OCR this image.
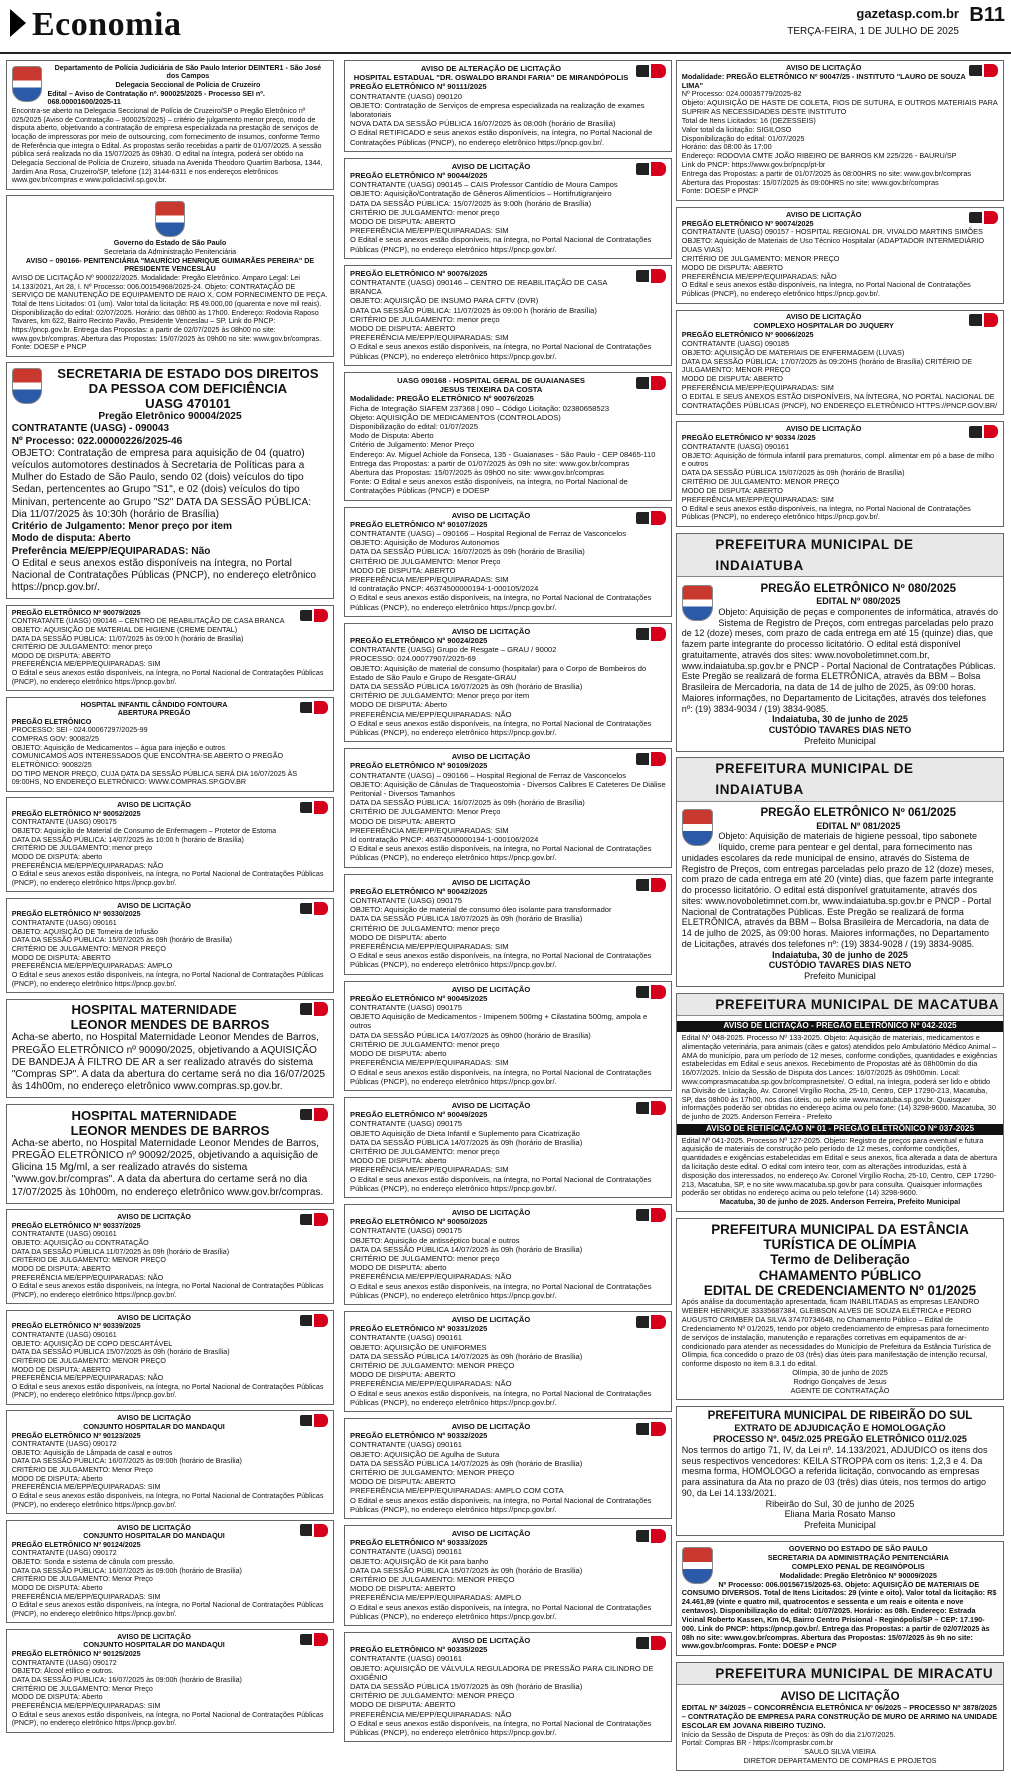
Economia	gazetasp.com.br
TERÇA-FEIRA, 1 DE JULHO DE 2025
B11
Departamento de Polícia Judiciária de São Paulo Interior DEINTER1 - São José dos Campos
Delegacia Seccional de Polícia de Cruzeiro
Edital – Aviso de Contratação nº. 900025/2025 - Processo SEI nº. 068.00001600/2025-11
Encontra-se aberto na Delegacia Seccional de Polícia de Cruzeiro/SP o Pregão Eletrônico nº 025/2025 (Aviso de Contratação – 900025/2025) – critério de julgamento menor preço, modo de disputa aberto, objetivando a contratação de empresa especializada na prestação de serviços de locação de impressoras por meio de outsourcing, com fornecimento de insumos, conforme Termo de Referência que integra o Edital. As propostas serão recebidas a partir de 01/07/2025. A sessão pública será realizada no dia 15/07/2025 às 09h30. O edital na íntegra, poderá ser obtido na Delegacia Seccional de Polícia de Cruzeiro, situada na Avenida Theodoro Quartim Barbosa, 1344, Jardim Ana Rosa, Cruzeiro/SP, telefone (12) 3144-6311 e nos endereços eletrônicos www.gov.br/compras e www.policiacivil.sp.gov.br.
Governo do Estado de São Paulo
Secretaria da Administração Penitenciária
AVISO – 090166- PENITENCIÁRIA "MAURÍCIO HENRIQUE GUIMARÃES PEREIRA" DE PRESIDENTE VENCESLAU
AVISO DE LICITAÇÃO Nº 900022/2025. Modalidade: Pregão Eletrônico. Amparo Legal: Lei 14.133/2021, Art 28, I. Nº Processo: 006.00154968/2025-24. Objeto: CONTRATAÇÃO DE SERVIÇO DE MANUTENÇÃO DE EQUIPAMENTO DE RAIO X, COM FORNECIMENTO DE PEÇA. Total de Itens Licitados: 01 (um). Valor total da licitação: R$ 49.000,00 (quarenta e nove mil reais). Disponibilização do edital: 02/07/2025. Horário: das 08h00 às 17h00. Endereço: Rodovia Raposo Tavares, km 622, Bairro Recinto Pavão, Presidente Venceslau – SP. Link do PNCP: https://pncp.gov.br. Entrega das Propostas: a partir de 02/07/2025 às 08h00 no site: www.gov.br/compras. Abertura das Propostas: 15/07/2025 às 09h00 no site: www.gov.br/compras. Fonte: DOESP e PNCP
SECRETARIA DE ESTADO DOS DIREITOS DA PESSOA COM DEFICIÊNCIA
UASG 470101
Pregão Eletrônico 90004/2025
CONTRATANTE (UASG) - 090043
Nº Processo: 022.00000226/2025-46
OBJETO: Contratação de empresa para aquisição de 04 (quatro) veículos automotores destinados à Secretaria de Políticas para a Mulher do Estado de São Paulo, sendo 02 (dois) veículos do tipo Sedan, pertencentes ao Grupo "S1", e 02 (dois) veículos do tipo Minivan, pertencente ao Grupo "S2" DATA DA SESSÃO PÚBLICA: Dia 11/07/2025 às 10:30h (horário de Brasília)
Critério de Julgamento: Menor preço por item
Modo de disputa: Aberto
Preferência ME/EPP/EQUIPARADAS: Não
O Edital e seus anexos estão disponíveis na íntegra, no Portal Nacional de Contratações Públicas (PNCP), no endereço eletrônico https://pncp.gov.br/.
PREGÃO ELETRÔNICO Nº 90079/2025
CONTRATANTE (UASG) 090146 – CENTRO DE REABILITAÇÃO DE CASA BRANCA
OBJETO: AQUISIÇÃO DE MATERIAL DE HIGIENE (CREME DENTAL)
DATA DA SESSÃO PÚBLICA: 11/07/2025 às 09:00 h (horário de Brasília)
CRITÉRIO DE JULGAMENTO: menor preço
MODO DE DISPUTA: ABERTO
PREFERÊNCIA ME/EPP/EQUIPARADAS: SIM
O Edital e seus anexos estão disponíveis, na íntegra, no Portal Nacional de Contratações Públicas (PNCP), no endereço eletrônico https://pncp.gov.br/.
HOSPITAL INFANTIL CÂNDIDO FONTOURA
ABERTURA PREGÃO
PREGÃO ELETRÔNICO
PROCESSO: SEI - 024.00067297/2025-99
COMPRAS GOV: 90082/25
OBJETO: Aquisição de Medicamentos – água para injeção e outros
COMUNICAMOS AOS INTERESSADOS QUE ENCONTRA-SE ABERTO O PREGÃO ELETRÔNICO: 90082/25
DO TIPO MENOR PREÇO, CUJA DATA DA SESSÃO PÚBLICA SERÁ DIA 16/07/2025 ÀS 09:00HS, NO ENDEREÇO ELETRÔNICO: WWW.COMPRAS.SP.GOV.BR
AVISO DE LICITAÇÃO
PREGÃO ELETRÔNICO Nº 90052/2025
CONTRATANTE (UASG) 090175
OBJETO: Aquisição de Material de Consumo de Enfermagem – Protetor de Estoma
DATA DA SESSÃO PÚBLICA: 14/07/2025 às 10:00 h (horário de Brasília)
CRITÉRIO DE JULGAMENTO: menor preço
MODO DE DISPUTA: aberto
PREFERÊNCIA ME/EPP/EQUIPARADAS: NÃO
O Edital e seus anexos estão disponíveis, na íntegra, no Portal Nacional de Contratações Públicas (PNCP), no endereço eletrônico https://pncp.gov.br/.
AVISO DE LICITAÇÃO
PREGÃO ELETRÔNICO Nº 90330/2025
CONTRATANTE (UASG) 090161
OBJETO: AQUISIÇÃO DE Torneira de Infusão
DATA DA SESSÃO PÚBLICA: 15/07/2025 às 09h (horário de Brasília)
CRITÉRIO DE JULGAMENTO: MENOR PREÇO
MODO DE DISPUTA: ABERTO
PREFERÊNCIA ME/EPP/EQUIPARADAS: AMPLO
O Edital e seus anexos estão disponíveis, na íntegra, no Portal Nacional de Contratações Públicas (PNCP), no endereço eletrônico https://pncp.gov.br/.
HOSPITAL MATERNIDADE
LEONOR MENDES DE BARROS
Acha-se aberto, no Hospital Maternidade Leonor Mendes de Barros, PREGÃO ELETRÔNICO nº 90090/2025, objetivando a AQUISIÇÃO DE BANDEJA À FILTRO DE AR a ser realizado através do sistema "Compras SP". A data da abertura do certame será no dia 16/07/2025 às 14h00m, no endereço eletrônico www.compras.sp.gov.br.
HOSPITAL MATERNIDADE
LEONOR MENDES DE BARROS
Acha-se aberto, no Hospital Maternidade Leonor Mendes de Barros, PREGÃO ELETRÔNICO nº 90092/2025, objetivando a aquisição de Glicina 15 Mg/ml, a ser realizado através do sistema "www.gov.br/compras". A data da abertura do certame será no dia 17/07/2025 às 10h00m, no endereço eletrônico www.gov.br/compras.
AVISO DE LICITAÇÃO
PREGÃO ELETRÔNICO Nº 90337/2025
CONTRATANTE (UASG) 090161
OBJETO: AQUISIÇÃO ou CONTRATAÇÃO
DATA DA SESSÃO PÚBLICA 11/07/2025 às 09h (horário de Brasília)
CRITÉRIO DE JULGAMENTO: MENOR PREÇO
MODO DE DISPUTA: ABERTO
PREFERÊNCIA ME/EPP/EQUIPARADAS: NÃO
O Edital e seus anexos estão disponíveis, na íntegra, no Portal Nacional de Contratações Públicas (PNCP), no endereço eletrônico https://pncp.gov.br/.
AVISO DE LICITAÇÃO
PREGÃO ELETRÔNICO Nº 90339/2025
CONTRATANTE (UASG) 090161
OBJETO: AQUISIÇÃO DE COPO DESCARTÁVEL
DATA DA SESSÃO PÚBLICA 15/07/2025 às 09h (horário de Brasília)
CRITÉRIO DE JULGAMENTO: MENOR PREÇO
MODO DE DISPUTA: ABERTO
PREFERÊNCIA ME/EPP/EQUIPARADAS: NÃO
O Edital e seus anexos estão disponíveis, na íntegra, no Portal Nacional de Contratações Públicas (PNCP), no endereço eletrônico https://pncp.gov.br/.
AVISO DE LICITAÇÃO
CONJUNTO HOSPITALAR DO MANDAQUI
PREGÃO ELETRÔNICO Nº 90123/2025
CONTRATANTE (UASG) 090172
OBJETO: Aquisição de Lâmpada de casal e outros
DATA DA SESSÃO PÚBLICA: 16/07/2025 às 09:00h (horário de Brasília)
CRITÉRIO DE JULGAMENTO: Menor Preço
MODO DE DISPUTA: Aberto
PREFERÊNCIA ME/EPP/EQUIPARADAS: SIM
O Edital e seus anexos estão disponíveis, na íntegra, no Portal Nacional de Contratações Públicas (PNCP), no endereço eletrônico https://pncp.gov.br/.
AVISO DE LICITAÇÃO
CONJUNTO HOSPITALAR DO MANDAQUI
PREGÃO ELETRÔNICO Nº 90124/2025
CONTRATANTE (UASG) 090172
OBJETO: Sonda e sistema de cânula com pressão.
DATA DA SESSÃO PÚBLICA: 16/07/2025 às 09:00h (horário de Brasília)
CRITÉRIO DE JULGAMENTO: Menor Preço
MODO DE DISPUTA: Aberto
PREFERÊNCIA ME/EPP/EQUIPARADAS: SIM
O Edital e seus anexos estão disponíveis, na íntegra, no Portal Nacional de Contratações Públicas (PNCP), no endereço eletrônico https://pncp.gov.br/.
AVISO DE LICITAÇÃO
CONJUNTO HOSPITALAR DO MANDAQUI
PREGÃO ELETRÔNICO Nº 90125/2025
CONTRATANTE (UASG) 090172
OBJETO: Álcool etílico e outros.
DATA DA SESSÃO PÚBLICA: 16/07/2025 às 09:00h (horário de Brasília)
CRITÉRIO DE JULGAMENTO: Menor Preço
MODO DE DISPUTA: Aberto
PREFERÊNCIA ME/EPP/EQUIPARADAS: SIM
O Edital e seus anexos estão disponíveis, na íntegra, no Portal Nacional de Contratações Públicas (PNCP), no endereço eletrônico https://pncp.gov.br/.
AVISO DE ALTERAÇÃO DE LICITAÇÃO
HOSPITAL ESTADUAL "DR. OSWALDO BRANDI FARIA" DE MIRANDÓPOLIS
PREGÃO ELETRÔNICO Nº 90111/2025
CONTRATANTE (UASG) 090120
OBJETO: Contratação de Serviços de empresa especializada na realização de exames laboratoriais
NOVA DATA DA SESSÃO PÚBLICA 16/07/2025 às 08:00h (horário de Brasília)
O Edital RETIFICADO e seus anexos estão disponíveis, na íntegra, no Portal Nacional de Contratações Públicas (PNCP), no endereço eletrônico https://pncp.gov.br/.
AVISO DE LICITAÇÃO
PREGÃO ELETRÔNICO Nº 90044/2025
CONTRATANTE (UASG) 090145 – CAIS Professor Cantídio de Moura Campos
OBJETO: Aquisição/Contratação de Gêneros Alimentícios – Hortifrutigranjeiro
DATA DA SESSÃO PÚBLICA: 15/07/2025 às 9:00h (horário de Brasília)
CRITÉRIO DE JULGAMENTO: menor preço
MODO DE DISPUTA: ABERTO
PREFERÊNCIA ME/EPP/EQUIPARADAS: SIM
O Edital e seus anexos estão disponíveis, na íntegra, no Portal Nacional de Contratações Públicas (PNCP), no endereço eletrônico https://pncp.gov.br/.
PREGÃO ELETRÔNICO Nº 90076/2025
CONTRATANTE (UASG) 090146 – CENTRO DE REABILITAÇÃO DE CASA BRANCA
OBJETO: AQUISIÇÃO DE INSUMO PARA CFTV (DVR)
DATA DA SESSÃO PÚBLICA: 11/07/2025 às 09:00 h (horário de Brasília)
CRITÉRIO DE JULGAMENTO: menor preço
MODO DE DISPUTA: ABERTO
PREFERÊNCIA ME/EPP/EQUIPARADAS: SIM
O Edital e seus anexos estão disponíveis, na íntegra, no Portal Nacional de Contratações Públicas (PNCP), no endereço eletrônico https://pncp.gov.br/.
UASG 090168 - HOSPITAL GERAL DE GUAIANASES
JESUS TEIXEIRA DA COSTA
Modalidade: PREGÃO ELETRÔNICO Nº 90076/2025
Ficha de Integração SIAFEM 237368 | 090 – Código Licitação: 02380658523
Objeto: AQUISIÇÃO DE MEDICAMENTOS (CONTROLADOS)
Disponibilização do edital: 01/07/2025
Modo de Disputa: Aberto
Critério de Julgamento: Menor Preço
Endereço: Av. Miguel Achiole da Fonseca, 135 - Guaianases - São Paulo - CEP 08465-110
Entrega das Propostas: a partir de 01/07/2025 às 09h no site: www.gov.br/compras
Abertura das Propostas: 15/07/2025 às 09h00 no site: www.gov.br/compras
Fonte: O Edital e seus anexos estão disponíveis, na íntegra, no Portal Nacional de Contratações Públicas (PNCP) e DOESP
AVISO DE LICITAÇÃO
PREGÃO ELETRÔNICO Nº 90107/2025
CONTRATANTE (UASG) – 090166 – Hospital Regional de Ferraz de Vasconcelos
OBJETO: Aquisição de Moduros Autonomos
DATA DA SESSÃO PÚBLICA: 16/07/2025 às 09h (horário de Brasília)
CRITÉRIO DE JULGAMENTO: Menor Preço
MODO DE DISPUTA: ABERTO
PREFERÊNCIA ME/EPP/EQUIPARADAS: SIM
Id contratação PNCP: 46374500000194-1-000105/2024
O Edital e seus anexos estão disponíveis, na íntegra, no Portal Nacional de Contratações Públicas (PNCP), no endereço eletrônico https://pncp.gov.br/.
AVISO DE LICITAÇÃO
PREGÃO ELETRÔNICO Nº 90024/2025
CONTRATANTE (UASG) Grupo de Resgate – GRAU / 90002
PROCESSO: 024.00077907/2025-69
OBJETO: Aquisição de material de consumo (hospitalar) para o Corpo de Bombeiros do Estado de São Paulo e Grupo de Resgate-GRAU
DATA DA SESSÃO PÚBLICA 16/07/2025 às 09h (horário de Brasília)
CRITÉRIO DE JULGAMENTO: Menor preço por item
MODO DE DISPUTA: Aberto
PREFERÊNCIA ME/EPP/EQUIPARADAS: NÃO
O Edital e seus anexos estão disponíveis, na íntegra, no Portal Nacional de Contratações Públicas (PNCP), no endereço eletrônico https://pncp.gov.br/.
AVISO DE LICITAÇÃO
PREGÃO ELETRÔNICO Nº 90109/2025
CONTRATANTE (UASG) – 090166 – Hospital Regional de Ferraz de Vasconcelos
OBJETO: Aquisição de Cânulas de Traqueostomia - Diversos Calibres E Cateteres De Diálise Peritonial - Diversos Tamanhos
DATA DA SESSÃO PÚBLICA: 16/07/2025 às 09h (horário de Brasília)
CRITÉRIO DE JULGAMENTO: Menor Preço
MODO DE DISPUTA: ABERTO
PREFERÊNCIA ME/EPP/EQUIPARADAS: SIM
Id contratação PNCP: 46374500000194-1-000106/2024
O Edital e seus anexos estão disponíveis, na íntegra, no Portal Nacional de Contratações Públicas (PNCP), no endereço eletrônico https://pncp.gov.br/.
AVISO DE LICITAÇÃO
PREGÃO ELETRÔNICO Nº 90042/2025
CONTRATANTE (UASG) 090175
OBJETO: Aquisição de material de consumo óleo isolante para transformador
DATA DA SESSÃO PÚBLICA 18/07/2025 às 09h (horário de Brasília)
CRITÉRIO DE JULGAMENTO: menor preço
MODO DE DISPUTA: aberto
PREFERÊNCIA ME/EPP/EQUIPARADAS: SIM
O Edital e seus anexos estão disponíveis, na íntegra, no Portal Nacional de Contratações Públicas (PNCP), no endereço eletrônico https://pncp.gov.br/.
AVISO DE LICITAÇÃO
PREGÃO ELETRÔNICO Nº 90045/2025
CONTRATANTE (UASG) 090175
OBJETO Aquisição de Medicamentos - Imipenem 500mg + Cilastatina 500mg, ampola e outros
DATA DA SESSÃO PÚBLICA 14/07/2025 às 09h00 (horário de Brasília)
CRITÉRIO DE JULGAMENTO: menor preço
MODO DE DISPUTA: aberto
PREFERÊNCIA ME/EPP/EQUIPARADAS: SIM
O Edital e seus anexos estão disponíveis, na íntegra, no Portal Nacional de Contratações Públicas (PNCP), no endereço eletrônico https://pncp.gov.br/.
AVISO DE LICITAÇÃO
PREGÃO ELETRÔNICO Nº 90049/2025
CONTRATANTE (UASG) 090175
OBJETO Aquisição de Dieta Infantil e Suplemento para Cicatrização
DATA DA SESSÃO PÚBLICA 14/07/2025 às 09h (horário de Brasília)
CRITÉRIO DE JULGAMENTO: menor preço
MODO DE DISPUTA: aberto
PREFERÊNCIA ME/EPP/EQUIPARADAS: SIM
O Edital e seus anexos estão disponíveis, na íntegra, no Portal Nacional de Contratações Públicas (PNCP), no endereço eletrônico https://pncp.gov.br/.
AVISO DE LICITAÇÃO
PREGÃO ELETRÔNICO Nº 90050/2025
CONTRATANTE (UASG) 090175
OBJETO: Aquisição de antisséptico bucal e outros
DATA DA SESSÃO PÚBLICA 14/07/2025 às 09h (horário de Brasília)
CRITÉRIO DE JULGAMENTO: menor preço
MODO DE DISPUTA: aberto
PREFERÊNCIA ME/EPP/EQUIPARADAS: NÃO
O Edital e seus anexos estão disponíveis, na íntegra, no Portal Nacional de Contratações Públicas (PNCP), no endereço eletrônico https://pncp.gov.br/.
AVISO DE LICITAÇÃO
PREGÃO ELETRÔNICO Nº 90331/2025
CONTRATANTE (UASG) 090161
OBJETO: AQUISIÇÃO DE UNIFORMES
DATA DA SESSÃO PÚBLICA 14/07/2025 às 09h (horário de Brasília)
CRITÉRIO DE JULGAMENTO: MENOR PREÇO
MODO DE DISPUTA: ABERTO
PREFERÊNCIA ME/EPP/EQUIPARADAS: NÃO
O Edital e seus anexos estão disponíveis, na íntegra, no Portal Nacional de Contratações Públicas (PNCP), no endereço eletrônico https://pncp.gov.br/.
AVISO DE LICITAÇÃO
PREGÃO ELETRÔNICO Nº 90332/2025
CONTRATANTE (UASG) 090161
OBJETO: AQUISIÇÃO DE Agulha de Sutura
DATA DA SESSÃO PÚBLICA 14/07/2025 às 09h (horário de Brasília)
CRITÉRIO DE JULGAMENTO: MENOR PREÇO
MODO DE DISPUTA: ABERTO
PREFERÊNCIA ME/EPP/EQUIPARADAS: AMPLO COM COTA
O Edital e seus anexos estão disponíveis, na íntegra, no Portal Nacional de Contratações Públicas (PNCP), no endereço eletrônico https://pncp.gov.br/.
AVISO DE LICITAÇÃO
PREGÃO ELETRÔNICO Nº 90333/2025
CONTRATANTE (UASG) 090161
OBJETO: AQUISIÇÃO de Kit para banho
DATA DA SESSÃO PÚBLICA 15/07/2025 às 09h (horário de Brasília)
CRITÉRIO DE JULGAMENTO: MENOR PREÇO
MODO DE DISPUTA: ABERTO
PREFERÊNCIA ME/EPP/EQUIPARADAS: AMPLO
O Edital e seus anexos estão disponíveis, na íntegra, no Portal Nacional de Contratações Públicas (PNCP), no endereço eletrônico https://pncp.gov.br/.
AVISO DE LICITAÇÃO
PREGÃO ELETRÔNICO Nº 90335/2025
CONTRATANTE (UASG) 090161
OBJETO: AQUISIÇÃO DE VÁLVULA REGULADORA DE PRESSÃO PARA CILINDRO DE OXIGÊNIO
DATA DA SESSÃO PÚBLICA 15/07/2025 às 09h (horário de Brasília)
CRITÉRIO DE JULGAMENTO: MENOR PREÇO
MODO DE DISPUTA: ABERTO
PREFERÊNCIA ME/EPP/EQUIPARADAS: NÃO
O Edital e seus anexos estão disponíveis, na íntegra, no Portal Nacional de Contratações Públicas (PNCP), no endereço eletrônico https://pncp.gov.br/.
AVISO DE LICITAÇÃO
Modalidade: PREGÃO ELETRÔNICO Nº 90047/25 - INSTITUTO "LAURO DE SOUZA LIMA"
Nº Processo: 024.00035779/2025-82
Objeto: AQUISIÇÃO DE HASTE DE COLETA, FIOS DE SUTURA, E OUTROS MATERIAIS PARA SUPRIR AS NECESSIDADES DESTE INSTITUTO
Total de Itens Licitados: 16 (DEZESSEIS)
Valor total da licitação: SIGILOSO
Disponibilização do edital: 01/07/2025
Horário: das 08:00 às 17:00
Endereço: RODOVIA CMTE JOÃO RIBEIRO DE BARROS KM 225/226 - BAURU/SP
Link do PNCP: https://www.gov.br/pncp/pt-br
Entrega das Propostas: a partir de 01/07/2025 às 08:00HRS no site: www.gov.br/compras
Abertura das Propostas: 15/07/2025 às 09:00HRS no site: www.gov.br/compras
Fonte: DOESP e PNCP
AVISO DE LICITAÇÃO
PREGÃO ELETRÔNICO Nº 90074/2025
CONTRATANTE (UASG) 090157 - HOSPITAL REGIONAL DR. VIVALDO MARTINS SIMÕES
OBJETO: Aquisição de Materiais de Uso Técnico Hospitalar (ADAPTADOR INTERMEDIÁRIO DUAS VIAS)
CRITÉRIO DE JULGAMENTO: MENOR PREÇO
MODO DE DISPUTA: ABERTO
PREFERÊNCIA ME/EPP/EQUIPARADAS: NÃO
O Edital e seus anexos estão disponíveis, na íntegra, no Portal Nacional de Contratações Públicas (PNCP), no endereço eletrônico https://pncp.gov.br/.
AVISO DE LICITAÇÃO
COMPLEXO HOSPITALAR DO JUQUERY
PREGÃO ELETRÔNICO Nº 90066/2025
CONTRATANTE (UASG) 090185
OBJETO: AQUISIÇÃO DE MATERIAIS DE ENFERMAGEM (LUVAS)
DATA DA SESSÃO PÚBLICA: 17/07/2025 às 09:20HS (horário de Brasília) CRITÉRIO DE JULGAMENTO: MENOR PREÇO
MODO DE DISPUTA: ABERTO
PREFERÊNCIA ME/EPP/EQUIPARADAS: SIM
O EDITAL E SEUS ANEXOS ESTÃO DISPONÍVEIS, NA ÍNTEGRA, NO PORTAL NACIONAL DE CONTRATAÇÕES PÚBLICAS (PNCP), NO ENDEREÇO ELETRÔNICO HTTPS://PNCP.GOV.BR/
AVISO DE LICITAÇÃO
PREGÃO ELETRÔNICO Nº 90334 /2025
CONTRATANTE (UASG) 090161
OBJETO: Aquisição de fórmula infantil para prematuros, compl. alimentar em pó a base de milho e outros
DATA DA SESSÃO PÚBLICA 15/07/2025 às 09h (horário de Brasília)
CRITÉRIO DE JULGAMENTO: MENOR PREÇO
MODO DE DISPUTA: ABERTO
PREFERÊNCIA ME/EPP/EQUIPARADAS: SIM
O Edital e seus anexos estão disponíveis, na íntegra, no Portal Nacional de Contratações Públicas (PNCP), no endereço eletrônico https://pncp.gov.br/.
PREFEITURA MUNICIPAL DE INDAIATUBA
PREGÃO ELETRÔNICO Nº 080/2025
EDITAL Nº 080/2025
Objeto: Aquisição de peças e componentes de informática, através do Sistema de Registro de Preços, com entregas parceladas pelo prazo de 12 (doze) meses, com prazo de cada entrega em até 15 (quinze) dias, que fazem parte integrante do processo licitatório. O edital está disponível gratuitamente, através dos sites: www.novoboletimnet.com.br, www.indaiatuba.sp.gov.br e PNCP - Portal Nacional de Contratações Públicas. Este Pregão se realizará de forma ELETRÔNICA, através da BBM – Bolsa Brasileira de Mercadoria, na data de 14 de julho de 2025, às 09:00 horas. Maiores informações, no Departamento de Licitações, através dos telefones nº: (19) 3834-9034 / (19) 3834-9085.
Indaiatuba, 30 de junho de 2025
CUSTÓDIO TAVARES DIAS NETO
Prefeito Municipal
PREFEITURA MUNICIPAL DE INDAIATUBA
PREGÃO ELETRÔNICO Nº 061/2025
EDITAL Nº 081/2025
Objeto: Aquisição de materiais de higiene pessoal, tipo sabonete líquido, creme para pentear e gel dental, para fornecimento nas unidades escolares da rede municipal de ensino, através do Sistema de Registro de Preços, com entregas parceladas pelo prazo de 12 (doze) meses, com prazo de cada entrega em até 20 (vinte) dias, que fazem parte integrante do processo licitatório. O edital está disponível gratuitamente, através dos sites: www.novoboletimnet.com.br, www.indaiatuba.sp.gov.br e PNCP - Portal Nacional de Contratações Públicas. Este Pregão se realizará de forma ELETRÔNICA, através da BBM – Bolsa Brasileira de Mercadoria, na data de 14 de julho de 2025, às 09:00 horas. Maiores informações, no Departamento de Licitações, através dos telefones nº: (19) 3834-9028 / (19) 3834-9085.
Indaiatuba, 30 de junho de 2025
CUSTÓDIO TAVARES DIAS NETO
Prefeito Municipal
PREFEITURA MUNICIPAL DE MACATUBA
AVISO DE LICITAÇÃO - PREGÃO ELETRÔNICO Nº 042-2025
Edital Nº 048-2025. Processo Nº 133-2025. Objeto: Aquisição de materiais, medicamentos e alimentação veterinária, para animais (cães e gatos) atendidos pelo Ambulatório Médico Animal – AMA do município, para um período de 12 meses, conforme condições, quantidades e exigências estabelecidas em Edital e seus anexos. Recebimento de Propostas até às 08h00min do dia 16/07/2025. Início da Sessão de Disputa dos Lances: 16/07/2025 às 09h00min. Local: www.comprasmacatuba.sp.gov.br/comprasnetsite/. O edital, na íntegra, poderá ser lido e obtido na Divisão de Licitação, Av. Coronel Virgílio Rocha, 25-10, Centro, CEP 17290-213, Macatuba, SP, das 08h00 às 17h00, nos dias úteis, ou pelo site www.macatuba.sp.gov.br. Quaisquer informações poderão ser obtidas no endereço acima ou pelo fone: (14) 3298-9600. Macatuba, 30 de junho de 2025. Anderson Ferreira - Prefeito
AVISO DE RETIFICAÇÃO Nº 01 - PREGÃO ELETRÔNICO Nº 037-2025
Edital Nº 041-2025. Processo Nº 127-2025. Objeto: Registro de preços para eventual e futura aquisição de materiais de construção pelo período de 12 meses, conforme condições, quantidades e exigências estabelecidas em Edital e seus anexos, fica alterada a data de abertura da licitação deste edital. O edital com inteiro teor, com as alterações introduzidas, está à disposição dos interessados, no endereço Av. Coronel Virgílio Rocha, 25-10, Centro, CEP 17290-213, Macatuba, SP, e no site www.macatuba.sp.gov.br para consulta. Quaisquer informações poderão ser obtidas no endereço acima ou pelo telefone (14) 3298-9600.
Macatuba, 30 de junho de 2025. Anderson Ferreira, Prefeito Municipal
PREFEITURA MUNICIPAL DA ESTÂNCIA TURÍSTICA DE OLÍMPIA
Termo de Deliberação
CHAMAMENTO PÚBLICO
EDITAL DE CREDENCIAMENTO Nº 01/2025
Após análise da documentação apresentada, ficam INABILITADAS as empresas LEANDRO WEBER HENRIQUE 33335687384, GLEIBSON ALVES DE SOUZA ELÉTRICA e PEDRO AUGUSTO CRIMBER DA SILVA 37470734648, no Chamamento Público – Edital de Credenciamento Nº 01/2025, tendo por objeto credenciamento de empresas para fornecimento de serviços de instalação, manutenção e reparações corretivas em equipamentos de ar-condicionado para atender as necessidades do Município de Prefeitura da Estância Turística de Olímpia, fica concedido o prazo de 03 (três) dias úteis para manifestação de intenção recursal, conforme disposto no item 8.3.1 do edital.
Olímpia, 30 de junho de 2025
Rodrigo Gonçalves de Jesus
AGENTE DE CONTRATAÇÃO
PREFEITURA MUNICIPAL DE RIBEIRÃO DO SUL
EXTRATO DE ADJUDICAÇÃO E HOMOLOGAÇÃO
PROCESSO Nº. 045/2.025 PREGÃO ELETRÔNICO 011/2.025
Nos termos do artigo 71, IV, da Lei nº. 14.133/2021, ADJUDICO os itens dos seus respectivos vencedores: KEILA STROPPA com os itens: 1,2,3 e 4. Da mesma forma, HOMOLOGO a referida licitação, convocando as empresas para assinatura da Ata no prazo de 03 (três) dias úteis, nos termos do artigo 90, da Lei 14.133/2021.
Ribeirão do Sul, 30 de junho de 2025
Eliana Maria Rosato Manso
Prefeita Municipal
GOVERNO DO ESTADO DE SÃO PAULO
SECRETARIA DA ADMINISTRAÇÃO PENITENCIÁRIA
COMPLEXO PENAL DE REGINÓPOLIS
Modalidade: Pregão Eletrônico Nº 90009/2025
Nº Processo: 006.00156715/2025-63. Objeto: AQUISIÇÃO DE MATERIAIS DE CONSUMO DIVERSOS. Total de Itens Licitados: 29 (vinte e oito). Valor total da licitação: R$ 24.461,89 (vinte e quatro mil, quatrocentos e sessenta e um reais e oitenta e nove centavos). Disponibilização do edital: 01/07/2025. Horário: as 08h. Endereço: Estrada Vicinal Roberto Kassen, Km 04, Bairro Centro Prisional - Reginópolis/SP – CEP: 17.190-000. Link do PNCP: https://pncp.gov.br/. Entrega das Propostas: a partir de 02/07/2025 às 08h no site: www.gov.br/compras. Abertura das Propostas: 15/07/2025 às 9h no site: www.gov.br/compras. Fonte: DOESP e PNCP
PREFEITURA MUNICIPAL DE MIRACATU
AVISO DE LICITAÇÃO
EDITAL Nº 34/2025 – CONCORRÊNCIA ELETRÔNICA Nº 06/2025 – PROCESSO Nº 3878/2025 – CONTRATAÇÃO DE EMPRESA PARA CONSTRUÇÃO DE MURO DE ARRIMO NA UNIDADE ESCOLAR EM JOVANA RIBEIRO TUZINO.
Início da Sessão de Disputa de Preços: às 09h do dia 21/07/2025.
Portal: Compras BR - https://comprasbr.com.br
SAULO SILVA VIEIRA
DIRETOR DEPARTAMENTO DE COMPRAS E PROJETOS
